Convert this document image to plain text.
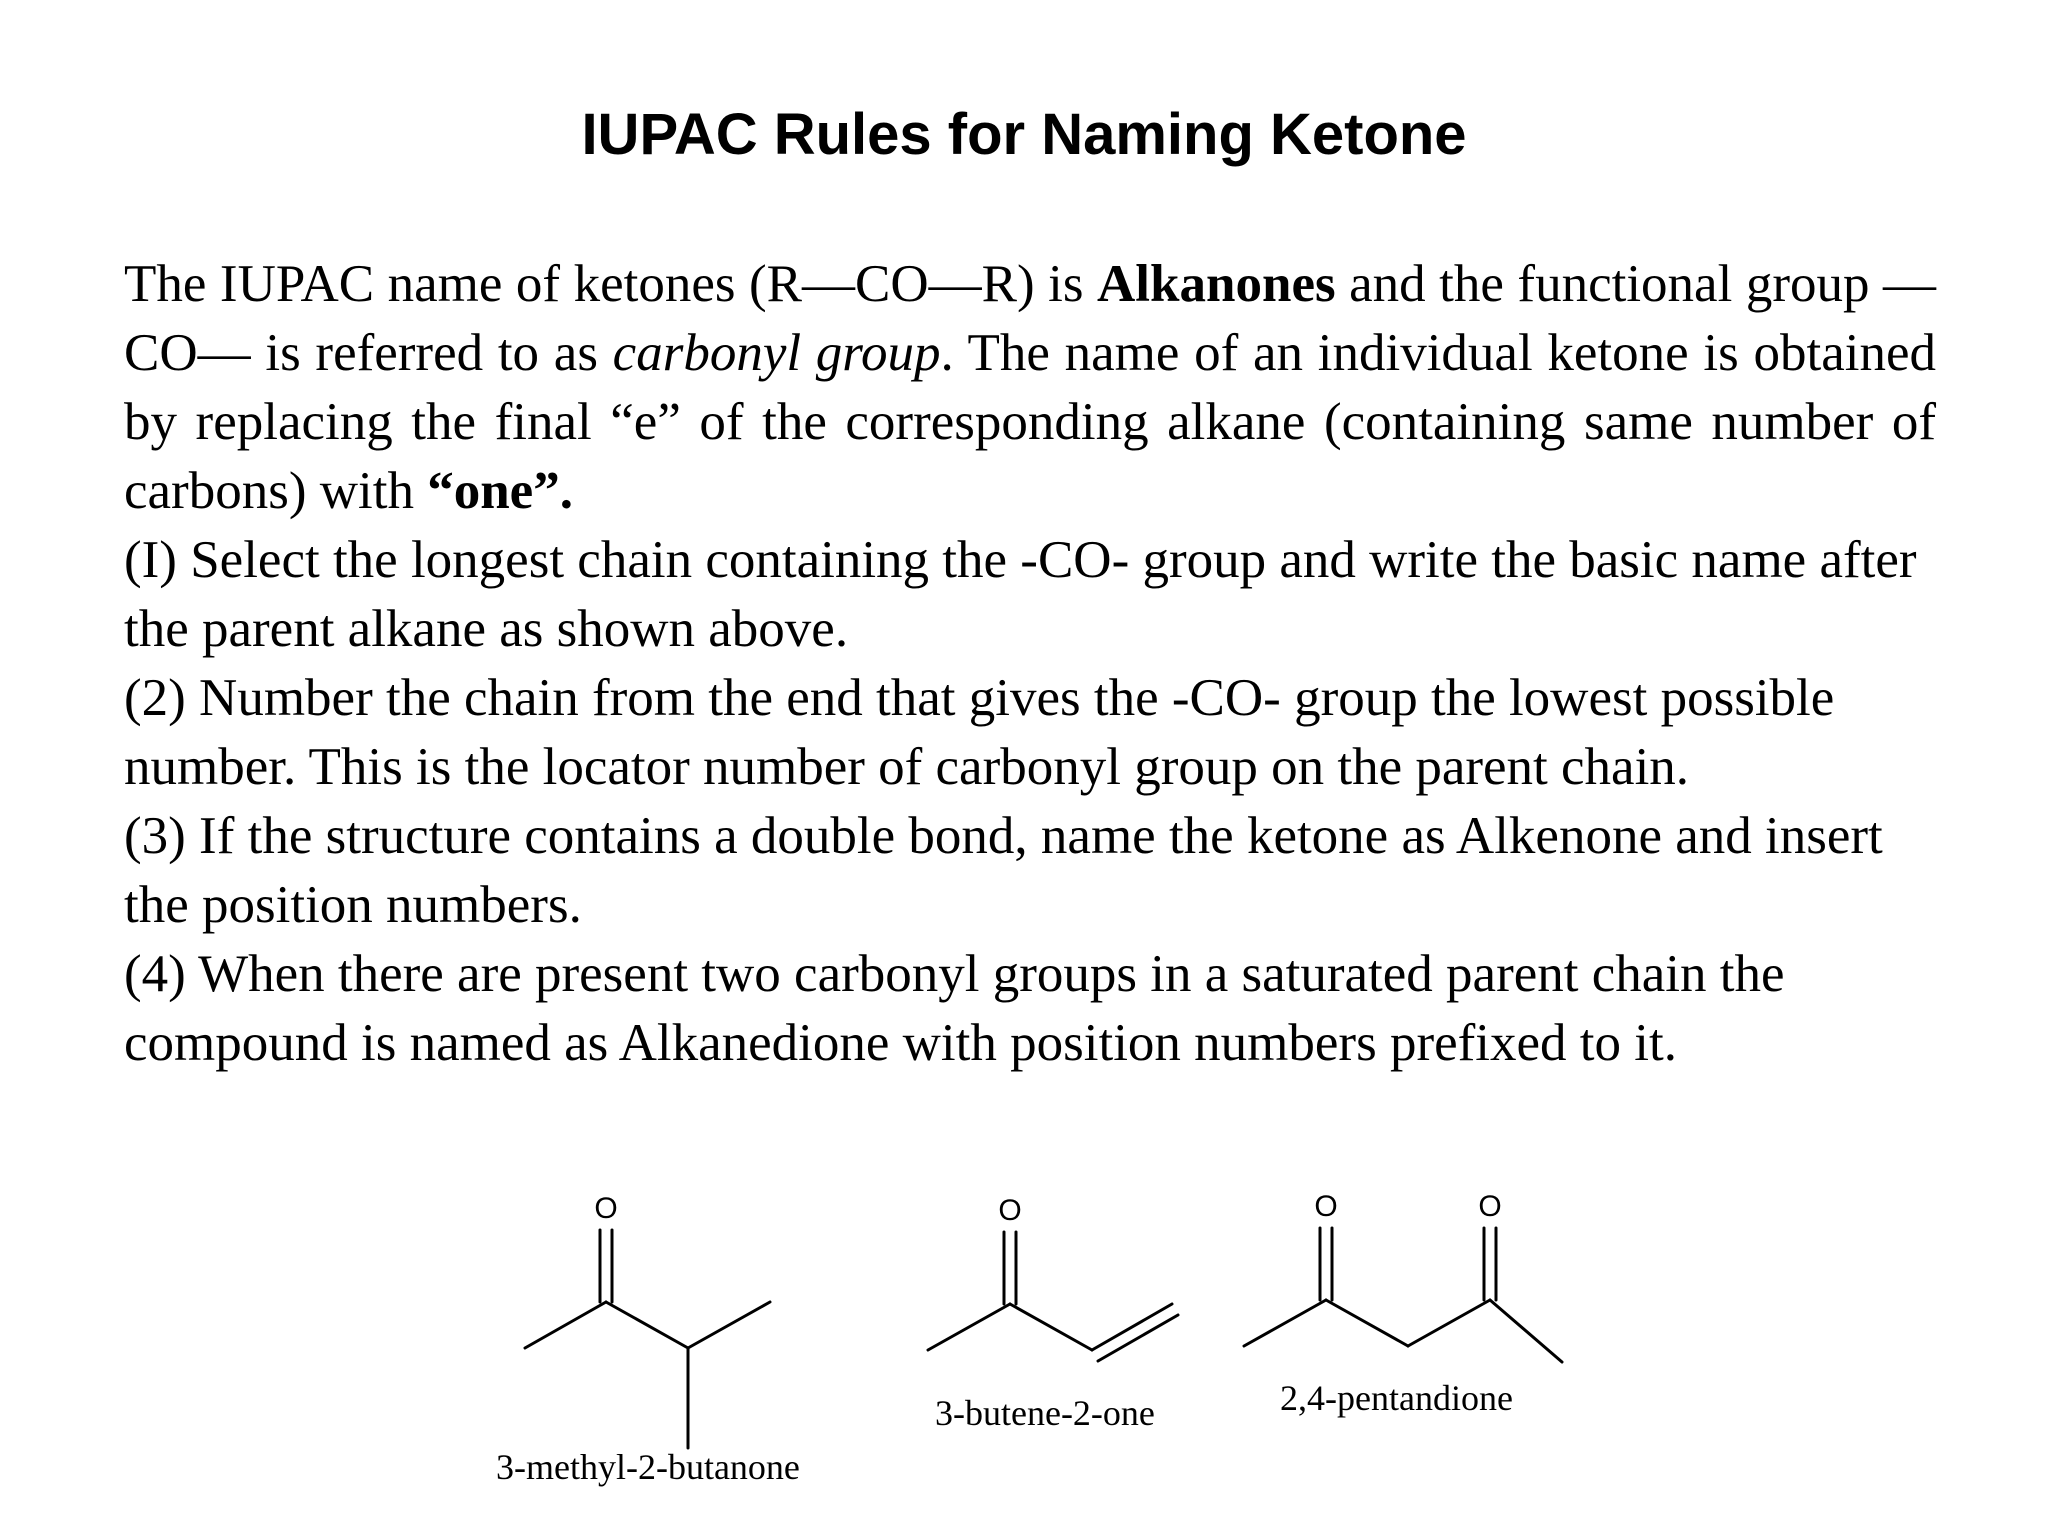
IUPAC Rules for Naming Ketone

The IUPAC name of ketones (R—CO—R) is Alkanones and the functional group —CO— is referred to as carbonyl group. The name of an individual ketone is obtained by replacing the final “e” of the corresponding alkane (containing same number of carbons) with “one”.

(I) Select the longest chain containing the -CO- group and write the basic name after the parent alkane as shown above.

(2) Number the chain from the end that gives the -CO- group the lowest possible number. This is the locator number of carbonyl group on the parent chain.

(3) If the structure contains a double bond, name the ketone as Alkenone and insert the position numbers.

(4) When there are present two carbonyl groups in a saturated parent chain the compound is named as Alkanedione with position numbers prefixed to it.

O	O	O	O
3-methyl-2-butanone
3-butene-2-one	2,4-pentandione
